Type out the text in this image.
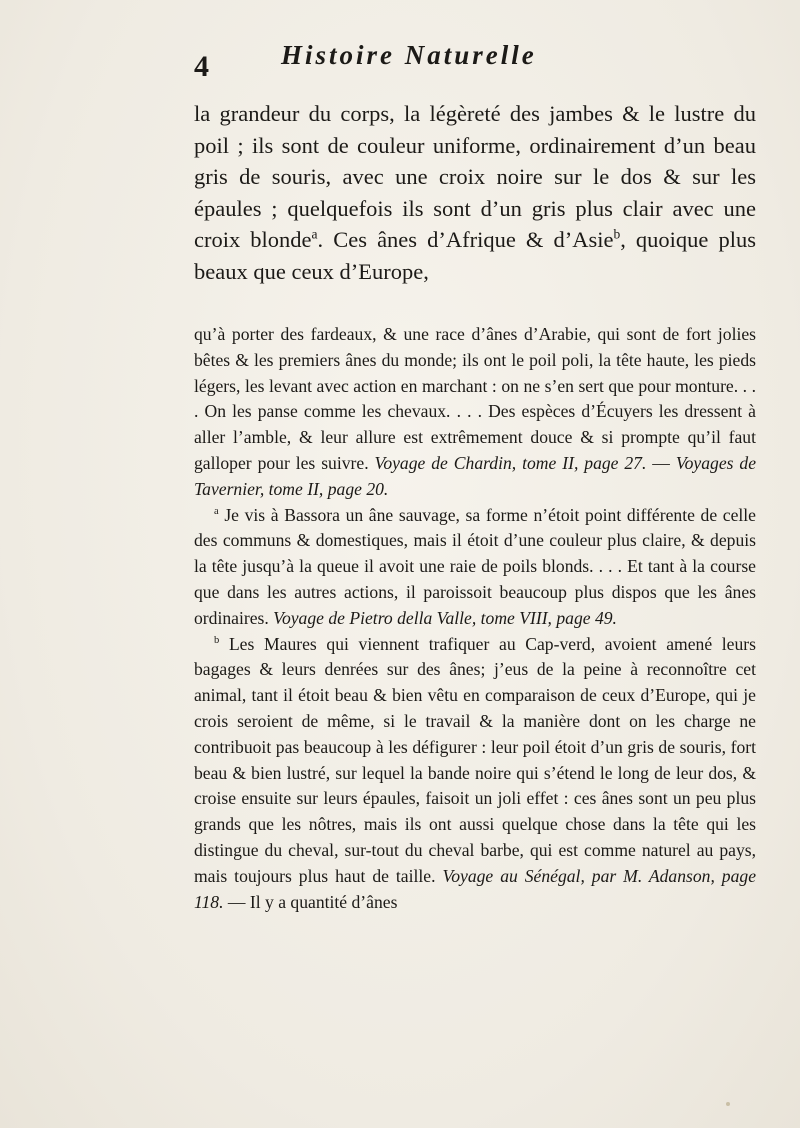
4	Histoire Naturelle

la grandeur du corps, la légèreté des jambes & le lustre du poil ; ils sont de couleur uniforme, ordinairement d’un beau gris de souris, avec une croix noire sur le dos & sur les épaules ; quelquefois ils sont d’un gris plus clair avec une croix blonde$^a$. Ces ânes d’Afrique & d’Asie$^b$, quoique plus beaux que ceux d’Europe,

qu’à porter des fardeaux, & une race d’ânes d’Arabie, qui sont de fort jolies bêtes & les premiers ânes du monde; ils ont le poil poli, la tête haute, les pieds légers, les levant avec action en marchant : on ne s’en sert que pour monture. . . . On les panse comme les chevaux. . . . Des espèces d’Écuyers les dressent à aller l’amble, & leur allure est extrêmement douce & si prompte qu’il faut galloper pour les suivre. Voyage de Chardin, tome II, page 27. — Voyages de Tavernier, tome II, page 20.

$^a$ Je vis à Bassora un âne sauvage, sa forme n’étoit point différente de celle des communs & domestiques, mais il étoit d’une couleur plus claire, & depuis la tête jusqu’à la queue il avoit une raie de poils blonds. . . . Et tant à la course que dans les autres actions, il paroissoit beaucoup plus dispos que les ânes ordinaires. Voyage de Pietro della Valle, tome VIII, page 49.

$^b$ Les Maures qui viennent trafiquer au Cap-verd, avoient amené leurs bagages & leurs denrées sur des ânes; j’eus de la peine à reconnoître cet animal, tant il étoit beau & bien vêtu en comparaison de ceux d’Europe, qui je crois seroient de même, si le travail & la manière dont on les charge ne contribuoit pas beaucoup à les défigurer : leur poil étoit d’un gris de souris, fort beau & bien lustré, sur lequel la bande noire qui s’étend le long de leur dos, & croise ensuite sur leurs épaules, faisoit un joli effet : ces ânes sont un peu plus grands que les nôtres, mais ils ont aussi quelque chose dans la tête qui les distingue du cheval, sur-tout du cheval barbe, qui est comme naturel au pays, mais toujours plus haut de taille. Voyage au Sénégal, par M. Adanson, page 118. — Il y a quantité d’ânes
